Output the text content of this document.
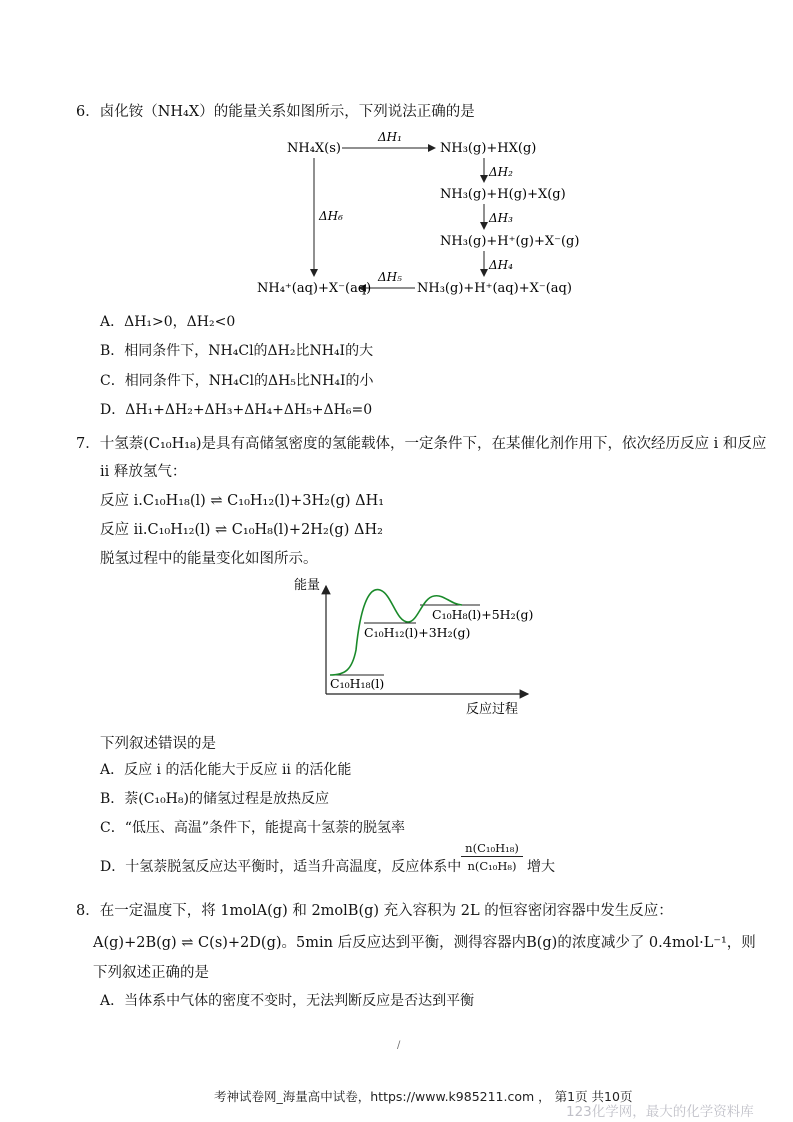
6．卤化铵（NH₄X）的能量关系如图所示，下列说法正确的是
NH₄X(s)
ΔH₁
NH₃(g)+HX(g)
ΔH₂
NH₃(g)+H(g)+X(g)
ΔH₃
NH₃(g)+H⁺(g)+X⁻(g)
ΔH₄
NH₃(g)+H⁺(aq)+X⁻(aq)
ΔH₅
NH₄⁺(aq)+X⁻(aq)
ΔH₆
A．ΔH₁>0，ΔH₂<0
B．相同条件下，NH₄Cl的ΔH₂比NH₄I的大
C．相同条件下，NH₄Cl的ΔH₅比NH₄I的小
D．ΔH₁+ΔH₂+ΔH₃+ΔH₄+ΔH₅+ΔH₆=0
7．十氢萘(C₁₀H₁₈)是具有高储氢密度的氢能载体，一定条件下，在某催化剂作用下，依次经历反应 i 和反应
ii 释放氢气：
反应 i.C₁₀H₁₈(l) ⇌ C₁₀H₁₂(l)+3H₂(g) ΔH₁
反应 ii.C₁₀H₁₂(l) ⇌ C₁₀H₈(l)+2H₂(g) ΔH₂
脱氢过程中的能量变化如图所示。
能量
反应过程
C₁₀H₁₈(l)
C₁₀H₁₂(l)+3H₂(g)
C₁₀H₈(l)+5H₂(g)
下列叙述错误的是
A．反应 i 的活化能大于反应 ii 的活化能
B．萘(C₁₀H₈)的储氢过程是放热反应
C．“低压、高温”条件下，能提高十氢萘的脱氢率
D．十氢萘脱氢反应达平衡时，适当升高温度，反应体系中 $\frac{\text{n(C₁₀H₁₈)}}{\text{n(C₁₀H₈)}}$ 增大
8．在一定温度下，将 1molA(g) 和 2molB(g) 充入容积为 2L 的恒容密闭容器中发生反应：
A(g)+2B(g) ⇌ C(s)+2D(g)。5min 后反应达到平衡，测得容器内B(g)的浓度减少了 0.4mol·L⁻¹，则
下列叙述正确的是
A．当体系中气体的密度不变时，无法判断反应是否达到平衡
/
考神试卷网_海量高中试卷，https://www.k985211.com ， 第1页 共10页
123化学网，最大的化学资料库
